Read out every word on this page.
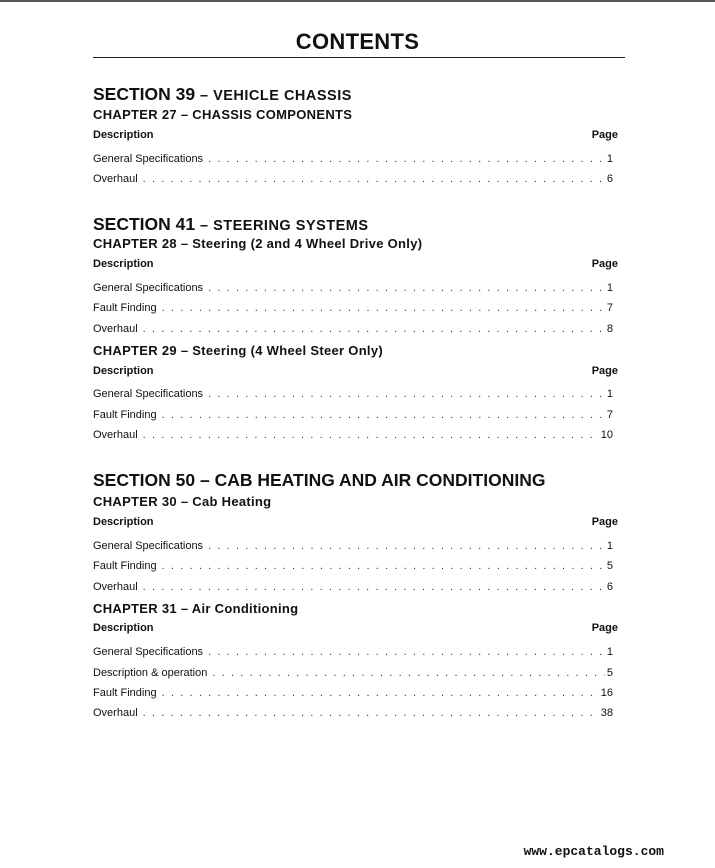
CONTENTS
SECTION 39 – VEHICLE CHASSIS
CHAPTER 27 – CHASSIS COMPONENTS
Description	Page
General Specifications . . .	1
Overhaul . . .	6
SECTION 41 – STEERING SYSTEMS
CHAPTER 28 – Steering (2 and 4 Wheel Drive Only)
Description	Page
General Specifications . . .	1
Fault Finding . . .	7
Overhaul . . .	8
CHAPTER 29 – Steering (4 Wheel Steer Only)
Description	Page
General Specifications . . .	1
Fault Finding . . .	7
Overhaul . . .	10
SECTION 50 – CAB HEATING AND AIR CONDITIONING
CHAPTER 30 – Cab Heating
Description	Page
General Specifications . . .	1
Fault Finding . . .	5
Overhaul . . .	6
CHAPTER 31 – Air Conditioning
Description	Page
General Specifications . . .	1
Description & operation . . .	5
Fault Finding . . .	16
Overhaul . . .	38
www.epcatalogs.com
